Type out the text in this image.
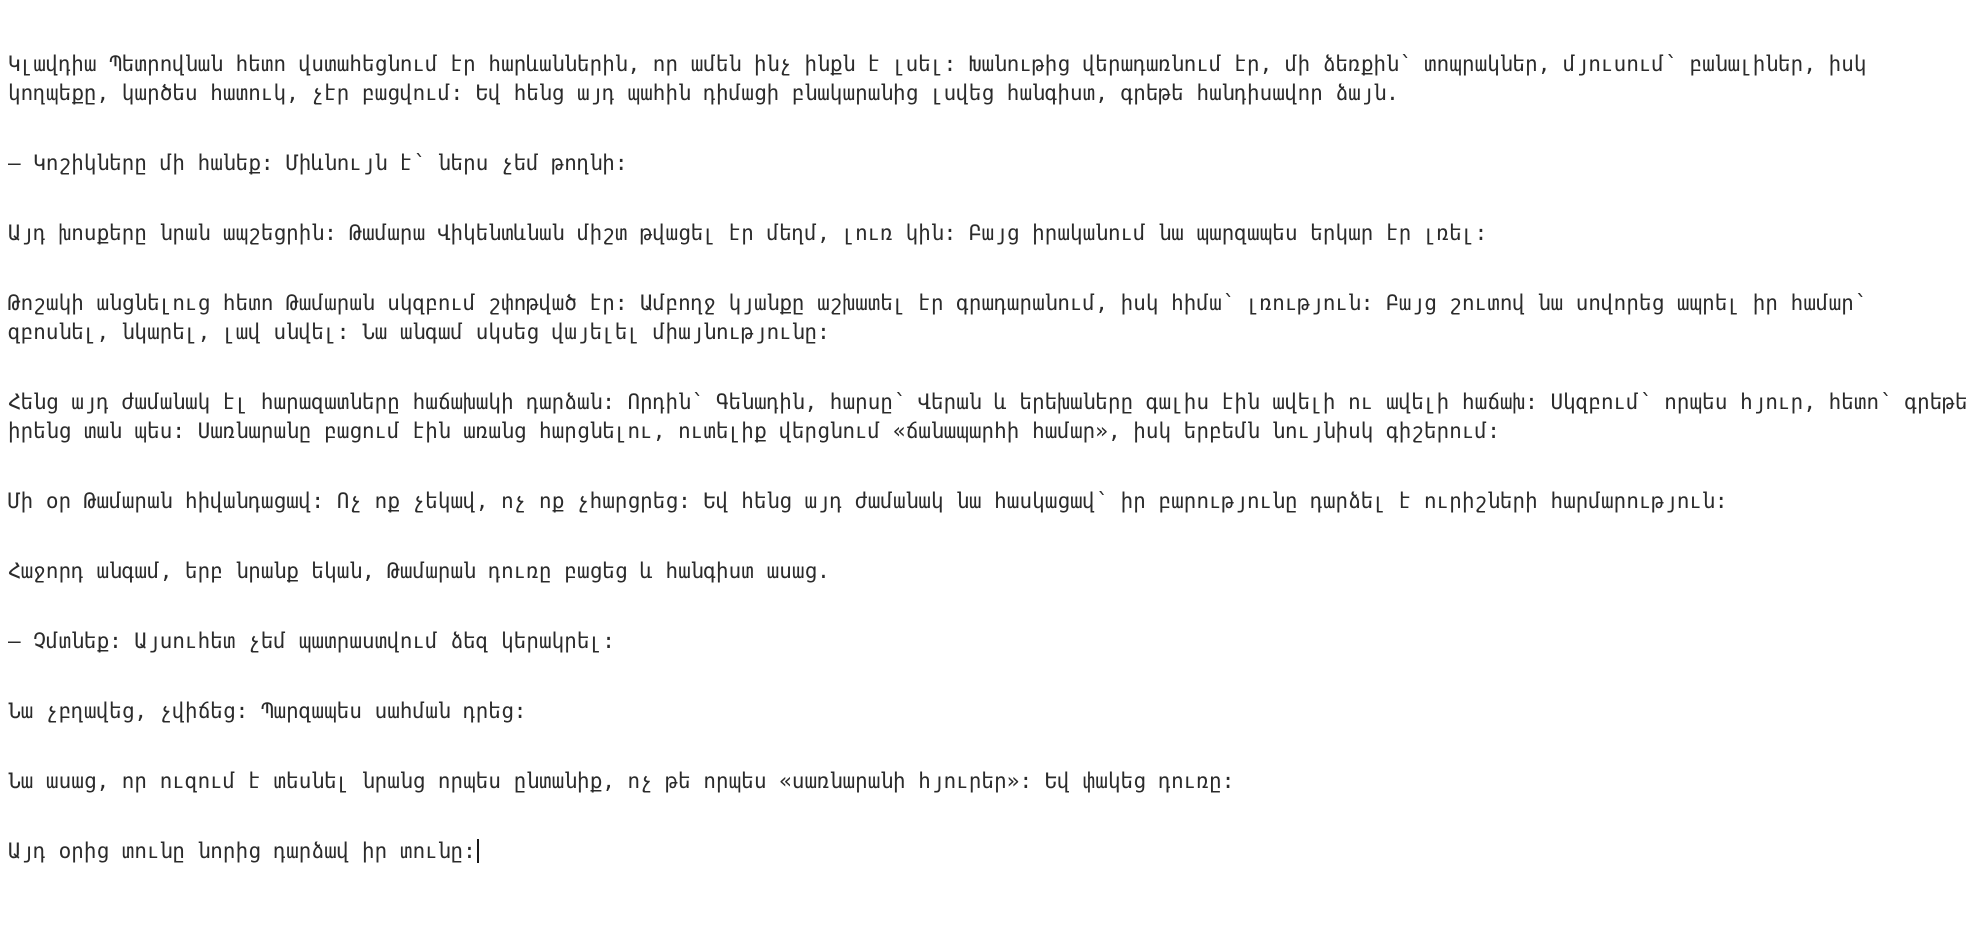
Կլավդիա Պետրովնան հետո վստահեցնում էր հարևաններին, որ ամեն ինչ ինքն է լսել: Խանութից վերադառնում էր, մի ձեռքին՝ տոպրակներ, մյուսում՝ բանալիներ, իսկ կողպեքը, կարծես հատուկ, չէր բացվում: Եվ հենց այդ պահին դիմացի բնակարանից լսվեց հանգիստ, գրեթե հանդիսավոր ձայն.

– Կոշիկները մի հանեք: Միևնույն է՝ ներս չեմ թողնի:

Այդ խոսքերը նրան ապշեցրին: Թամարա Վիկենտևնան միշտ թվացել էր մեղմ, լուռ կին: Բայց իրականում նա պարզապես երկար էր լռել:

Թոշակի անցնելուց հետո Թամարան սկզբում շփոթված էր: Ամբողջ կյանքը աշխատել էր գրադարանում, իսկ հիմա՝ լռություն: Բայց շուտով նա սովորեց ապրել իր համար՝ զբոսնել, նկարել, լավ սնվել: Նա անգամ սկսեց վայելել միայնությունը:

Հենց այդ ժամանակ էլ հարազատները հաճախակի դարձան: Որդին՝ Գենադին, հարսը՝ Վերան և երեխաները գալիս էին ավելի ու ավելի հաճախ: Սկզբում՝ որպես հյուր, հետո՝ գրեթե իրենց տան պես: Սառնարանը բացում էին առանց հարցնելու, ուտելիք վերցնում «ճանապարհի համար», իսկ երբեմն նույնիսկ գիշերում:

Մի օր Թամարան հիվանդացավ: Ոչ ոք չեկավ, ոչ ոք չհարցրեց: Եվ հենց այդ ժամանակ նա հասկացավ՝ իր բարությունը դարձել է ուրիշների հարմարություն:

Հաջորդ անգամ, երբ նրանք եկան, Թամարան դուռը բացեց և հանգիստ ասաց.

– Չմտնեք: Այսուհետ չեմ պատրաստվում ձեզ կերակրել:

Նա չբղավեց, չվիճեց: Պարզապես սահման դրեց:

Նա ասաց, որ ուզում է տեսնել նրանց որպես ընտանիք, ոչ թե որպես «սառնարանի հյուրեր»: Եվ փակեց դուռը:

Այդ օրից տունը նորից դարձավ իր տունը:
